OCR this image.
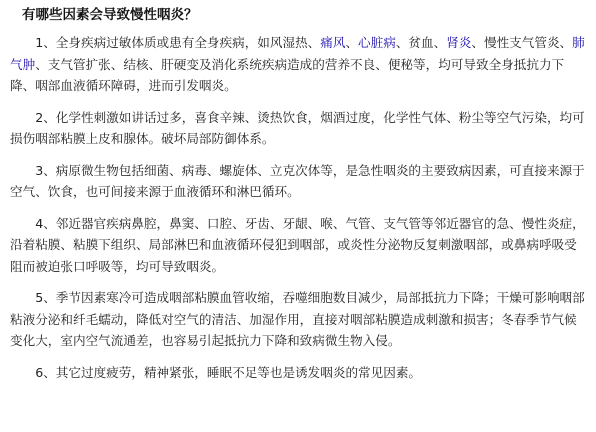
有哪些因素会导致慢性咽炎？

1、全身疾病过敏体质或患有全身疾病，如风湿热、痛风、心脏病、贫血、肾炎、慢性支气管炎、肺气肿、支气管扩张、结核、肝硬变及消化系统疾病造成的营养不良、便秘等，均可导致全身抵抗力下降、咽部血液循环障碍，进而引发咽炎。

2、化学性刺激如讲话过多，喜食辛辣、烫热饮食，烟酒过度，化学性气体、粉尘等空气污染，均可损伤咽部粘膜上皮和腺体。破坏局部防御体系。

3、病原微生物包括细菌、病毒、螺旋体、立克次体等，是急性咽炎的主要致病因素，可直接来源于空气、饮食，也可间接来源于血液循环和淋巴循环。

4、邻近器官疾病鼻腔，鼻窦、口腔、牙齿、牙龈、喉、气管、支气管等邻近器官的急、慢性炎症，沿着粘膜、粘膜下组织、局部淋巴和血液循环侵犯到咽部，或炎性分泌物反复刺激咽部，或鼻病呼吸受阻而被迫张口呼吸等，均可导致咽炎。

5、季节因素寒冷可造成咽部粘膜血管收缩，吞噬细胞数目减少，局部抵抗力下降；干燥可影响咽部粘液分泌和纤毛蠕动，降低对空气的清洁、加湿作用，直接对咽部粘膜造成刺激和损害；冬春季节气候变化大，室内空气流通差，也容易引起抵抗力下降和致病微生物入侵。

6、其它过度疲劳，精神紧张，睡眠不足等也是诱发咽炎的常见因素。
